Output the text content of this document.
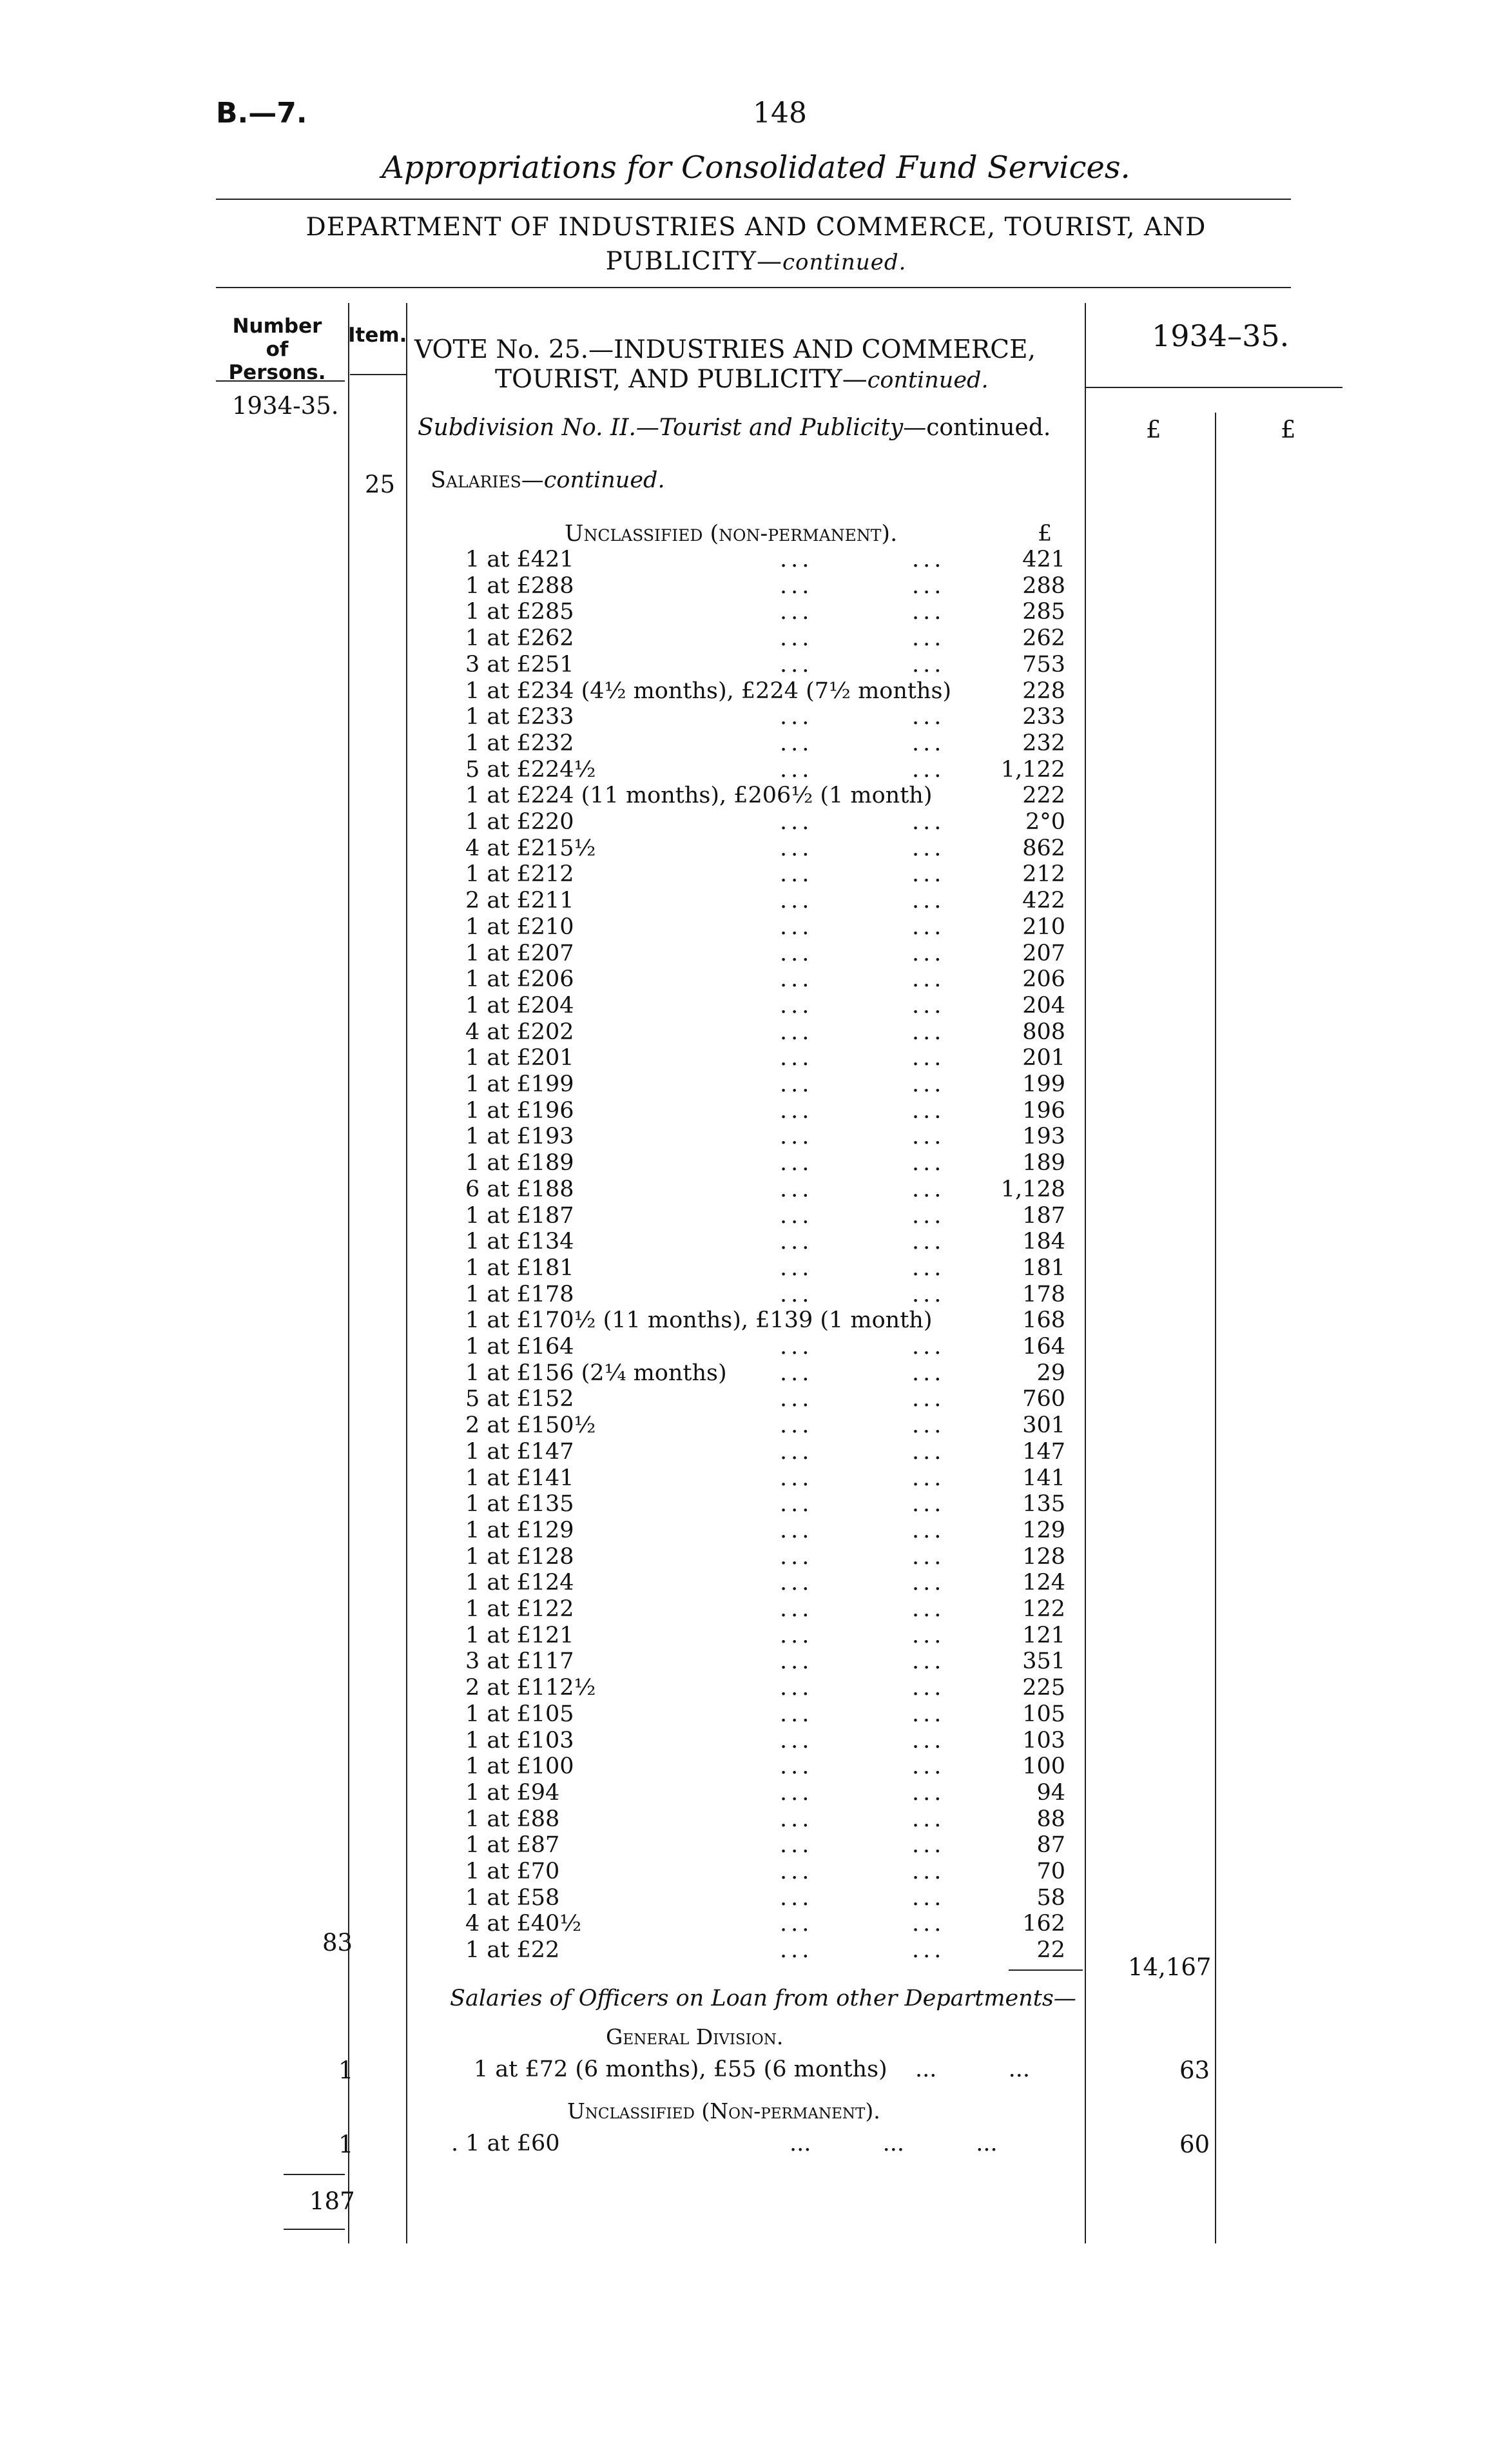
B.—7.	148
Appropriations for Consolidated Fund Services.
DEPARTMENT OF INDUSTRIES AND COMMERCE, TOURIST, AND
PUBLICITY—continued.
Number of Persons.
Item.
1934-35.
VOTE No. 25.—INDUSTRIES AND COMMERCE,
TOURIST, AND PUBLICITY—continued.
1934–35.
Subdivision No. II.—Tourist and Publicity—continued.	£	£
25 Salaries—continued.
Unclassified (non-permanent).	£
1 at £421	...	...	421
1 at £288	...	...	288
1 at £285	...	...	285
1 at £262	...	...	262
3 at £251	...	...	753
1 at £234 (4½ months), £224 (7½ months)	228
1 at £233	...	...	233
1 at £232	...	...	232
5 at £224½	...	... 1,122
1 at £224 (11 months), £206½ (1 month)	222
1 at £220	...	...	2°0
4 at £215½	...	...	862
1 at £212	...	...	212
2 at £211	...	...	422
1 at £210	...	...	210
1 at £207	...	...	207
1 at £206	...	...	206
1 at £204	...	...	204
4 at £202	...	...	808
1 at £201	...	...	201
1 at £199	...	...	199
1 at £196	...	...	196
1 at £193	...	...	193
1 at £189	...	...	189
6 at £188	...	... 1,128
1 at £187	...	...	187
1 at £134	...	...	184
1 at £181	...	...	181
1 at £178	...	...	178
1 at £170½ (11 months), £139 (1 month)	168
1 at £164	...	...	164
1 at £156 (2¼ months) ...	...	29
5 at £152	...	...	760
2 at £150½	...	...	301
1 at £147	...	...	147
1 at £141	...	...	141
1 at £135	...	...	135
1 at £129	...	...	129
1 at £128	...	...	128
1 at £124	...	...	124
1 at £122	...	...	122
1 at £121	...	...	121
3 at £117	...	...	351
2 at £112½	...	...	225
1 at £105	...	...	105
1 at £103	...	...	103
1 at £100	...	...	100
1 at £94	...	...	94
1 at £88	...	...	88
1 at £87	...	...	87
1 at £70	...	...	70
1 at £58	...	...	58
4 at £40½	...	...	162
1 at £22	...	...	22
83
14,167
Salaries of Officers on Loan from other Departments—
General Division.
1	1 at £72 (6 months), £55 (6 months) ...          ...	63
Unclassified (Non-permanent).
1	. 1 at £60	...          ...          ...	60
187
